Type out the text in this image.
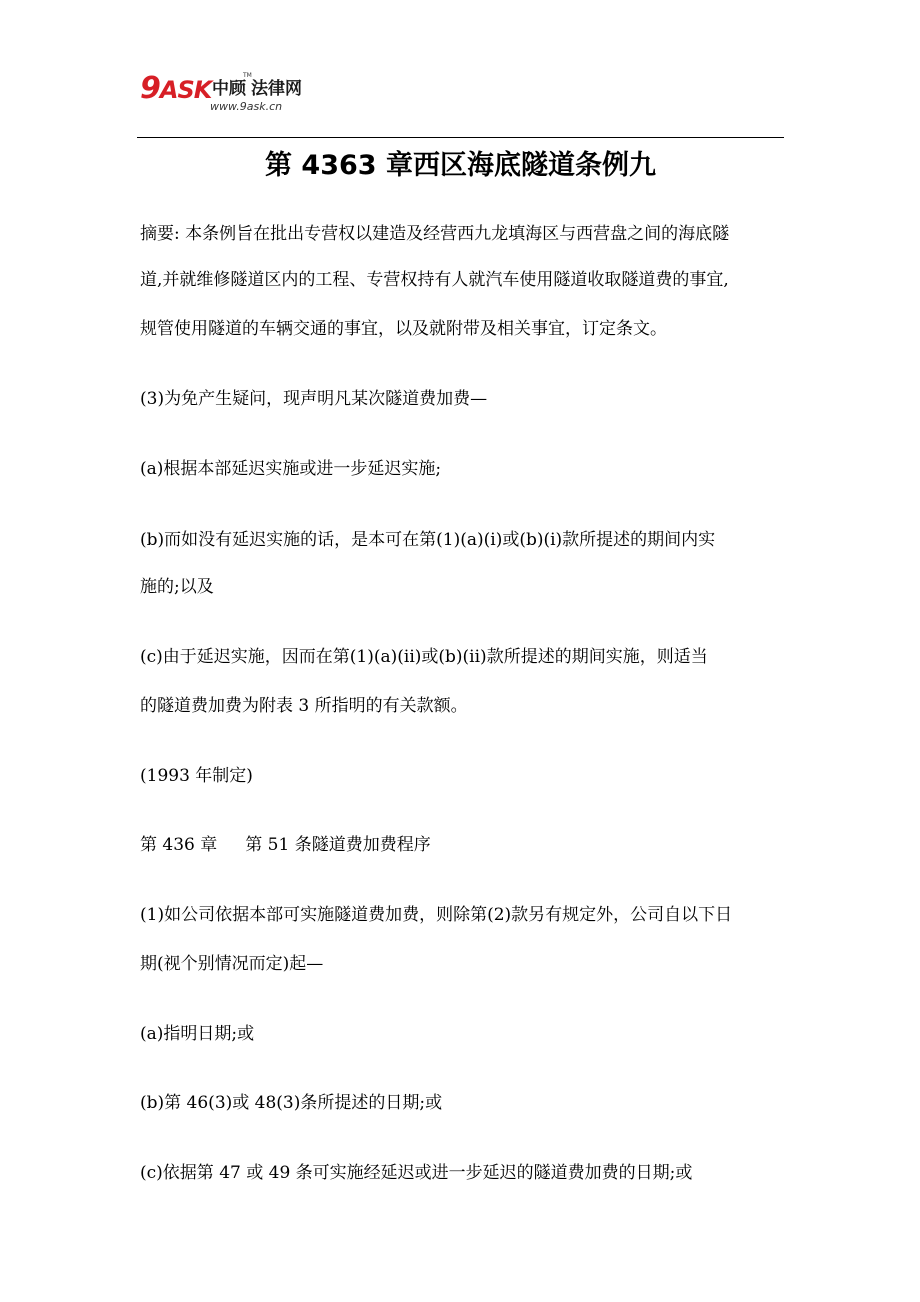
9ASK 中顾 法律网
TM
www.9ask.cn
第 4363 章西区海底隧道条例九
摘要: 本条例旨在批出专营权以建造及经营西九龙填海区与西营盘之间的海底隧
道,并就维修隧道区内的工程、专营权持有人就汽车使用隧道收取隧道费的事宜,
规管使用隧道的车辆交通的事宜，以及就附带及相关事宜，订定条文。
(3)为免产生疑问，现声明凡某次隧道费加费—
(a)根据本部延迟实施或进一步延迟实施;
(b)而如没有延迟实施的话，是本可在第(1)(a)(i)或(b)(i)款所提述的期间内实
施的;以及
(c)由于延迟实施，因而在第(1)(a)(ii)或(b)(ii)款所提述的期间实施，则适当
的隧道费加费为附表 3 所指明的有关款额。
(1993 年制定)
第 436 章 第 51 条隧道费加费程序
(1)如公司依据本部可实施隧道费加费，则除第(2)款另有规定外，公司自以下日
期(视个别情况而定)起—
(a)指明日期;或
(b)第 46(3)或 48(3)条所提述的日期;或
(c)依据第 47 或 49 条可实施经延迟或进一步延迟的隧道费加费的日期;或
